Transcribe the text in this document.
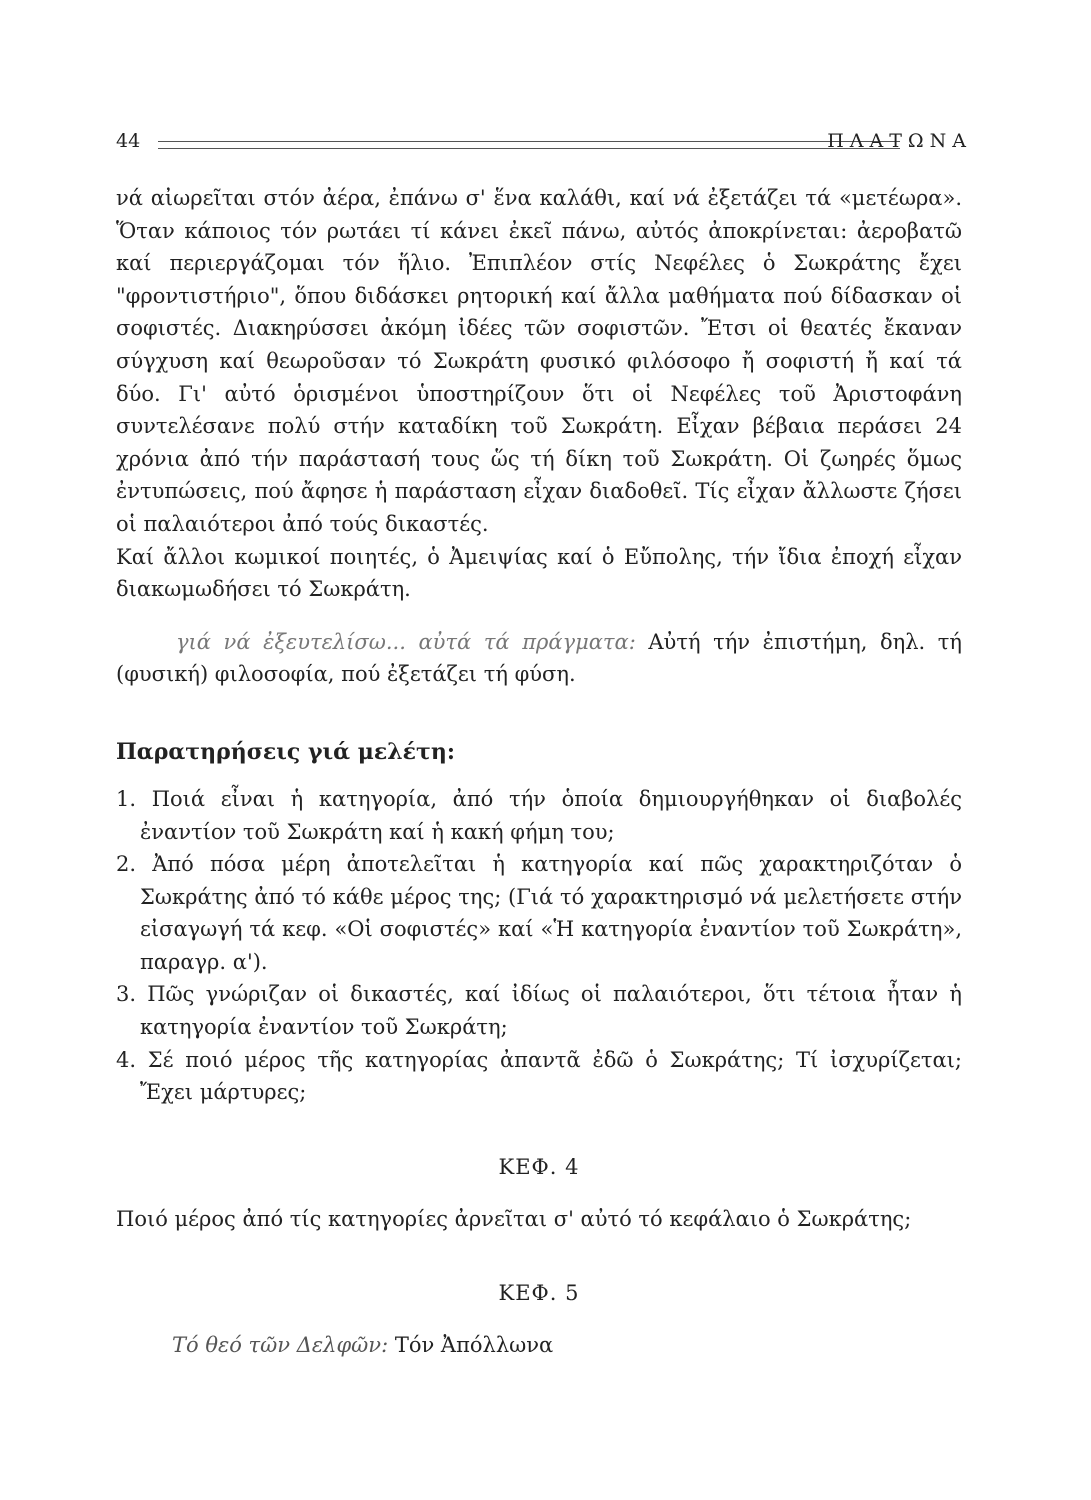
44	ΠΛΑΤΩΝΑ

νά αἰωρεῖται στόν ἀέρα, ἐπάνω σ' ἕνα καλάθι, καί νά ἐξετάζει τά «μετέωρα». Ὅταν κάποιος τόν ρωτάει τί κάνει ἐκεῖ πάνω, αὐτός ἀποκρίνεται: ἀεροβατῶ καί περιεργάζομαι τόν ἥλιο. Ἐπιπλέον στίς Νεφέλες ὁ Σωκράτης ἔχει "φροντιστήριο", ὅπου διδάσκει ρητορική καί ἄλλα μαθήματα πού δίδασκαν οἱ σοφιστές. Διακηρύσσει ἀκόμη ἰδέες τῶν σοφιστῶν. Ἔτσι οἱ θεατές ἔκαναν σύγχυση καί θεωροῦσαν τό Σωκράτη φυσικό φιλόσοφο ἤ σοφιστή ἤ καί τά δύο. Γι' αὐτό ὁρισμένοι ὑποστηρίζουν ὅτι οἱ Νεφέλες τοῦ Ἀριστοφάνη συντελέσανε πολύ στήν καταδίκη τοῦ Σωκράτη. Εἶχαν βέβαια περάσει 24 χρόνια ἀπό τήν παράστασή τους ὥς τή δίκη τοῦ Σωκράτη. Οἱ ζωηρές ὅμως ἐντυπώσεις, πού ἄφησε ἡ παράσταση εἶχαν διαδοθεῖ. Τίς εἶχαν ἄλλωστε ζήσει οἱ παλαιότεροι ἀπό τούς δικαστές.

Καί ἄλλοι κωμικοί ποιητές, ὁ Ἀμειψίας καί ὁ Εὔπολης, τήν ἴδια ἐποχή εἶχαν διακωμωδήσει τό Σωκράτη.

γιά νά ἐξευτελίσω... αὐτά τά πράγματα: Αὐτή τήν ἐπιστήμη, δηλ. τή (φυσική) φιλοσοφία, πού ἐξετάζει τή φύση.

Παρατηρήσεις γιά μελέτη:
1. Ποιά εἶναι ἡ κατηγορία, ἀπό τήν ὁποία δημιουργήθηκαν οἱ διαβολές ἐναντίον τοῦ Σωκράτη καί ἡ κακή φήμη του;
2. Ἀπό πόσα μέρη ἀποτελεῖται ἡ κατηγορία καί πῶς χαρακτηριζόταν ὁ Σωκράτης ἀπό τό κάθε μέρος της; (Γιά τό χαρακτηρισμό νά μελετήσετε στήν εἰσαγωγή τά κεφ. «Οἱ σοφιστές» καί «Ἡ κατηγορία ἐναντίον τοῦ Σωκράτη», παραγρ. α').
3. Πῶς γνώριζαν οἱ δικαστές, καί ἰδίως οἱ παλαιότεροι, ὅτι τέτοια ἦταν ἡ κατηγορία ἐναντίον τοῦ Σωκράτη;
4. Σέ ποιό μέρος τῆς κατηγορίας ἀπαντᾶ ἐδῶ ὁ Σωκράτης; Τί ἰσχυρίζεται; Ἔχει μάρτυρες;
ΚΕΦ. 4

Ποιό μέρος ἀπό τίς κατηγορίες ἀρνεῖται σ' αὐτό τό κεφάλαιο ὁ Σωκράτης;

ΚΕΦ. 5

Τό θεό τῶν Δελφῶν: Τόν Ἀπόλλωνα
